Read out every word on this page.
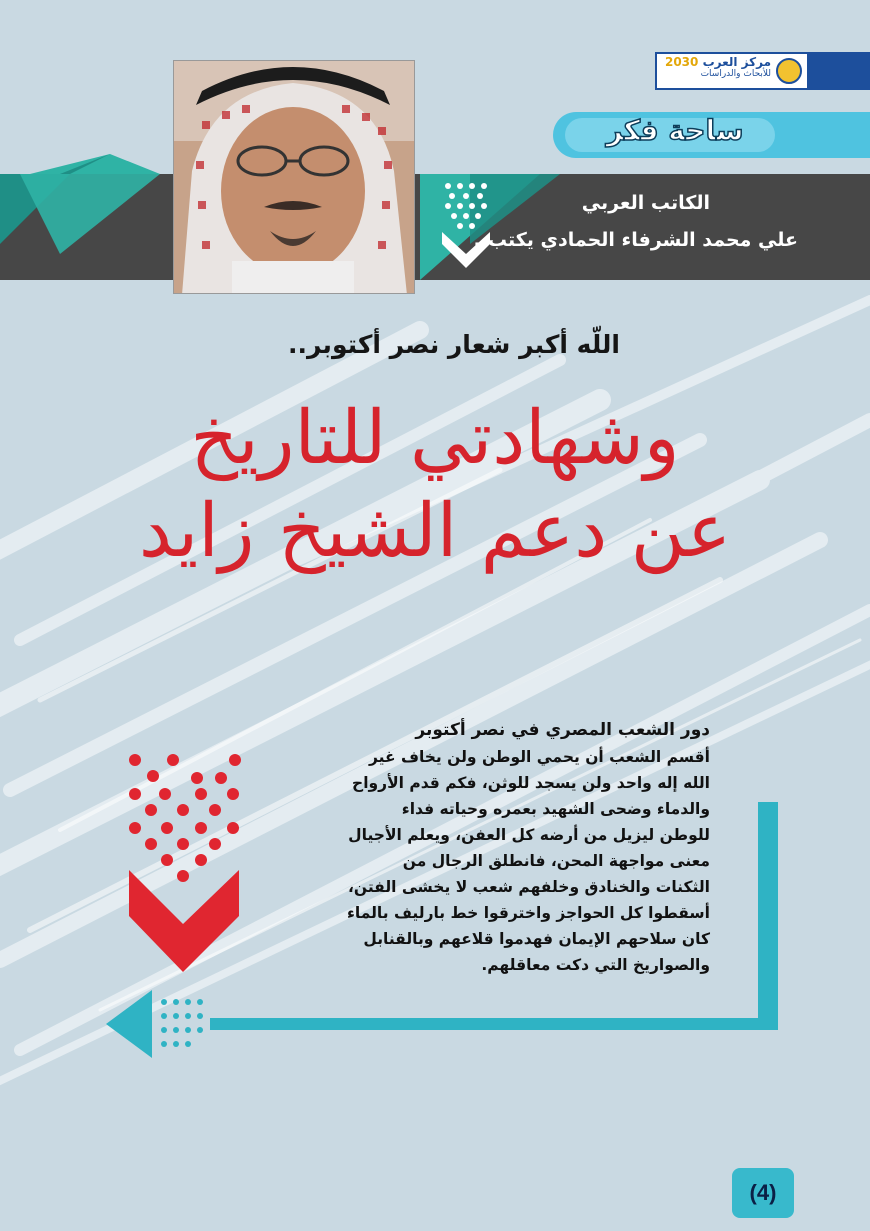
مركز العرب 2030
للأبحاث والدراسات
ساحة فكر
الكاتب العربي
علي محمد الشرفاء الحمادي يكتب..
اللّه أكبر شعار نصر أكتوبر..
وشهادتي للتاريخ
عن دعم الشيخ زايد
دور الشعب المصري في نصر أكتوبر
أقسم الشعب أن يحمي الوطن ولن يخاف غير
الله إله واحد ولن يسجد للوثن، فكم قدم الأرواح
والدماء وضحى الشهيد بعمره وحياته فداء
للوطن ليزيل من أرضه كل العفن، ويعلم الأجيال
معنى مواجهة المحن، فانطلق الرجال من
الثكنات والخنادق وخلفهم شعب لا يخشى الفتن،
أسقطوا كل الحواجز واخترقوا خط بارليف بالماء
كان سلاحهم الإيمان فهدموا قلاعهم وبالقنابل
والصواريخ التي دكت معاقلهم.
(4)
